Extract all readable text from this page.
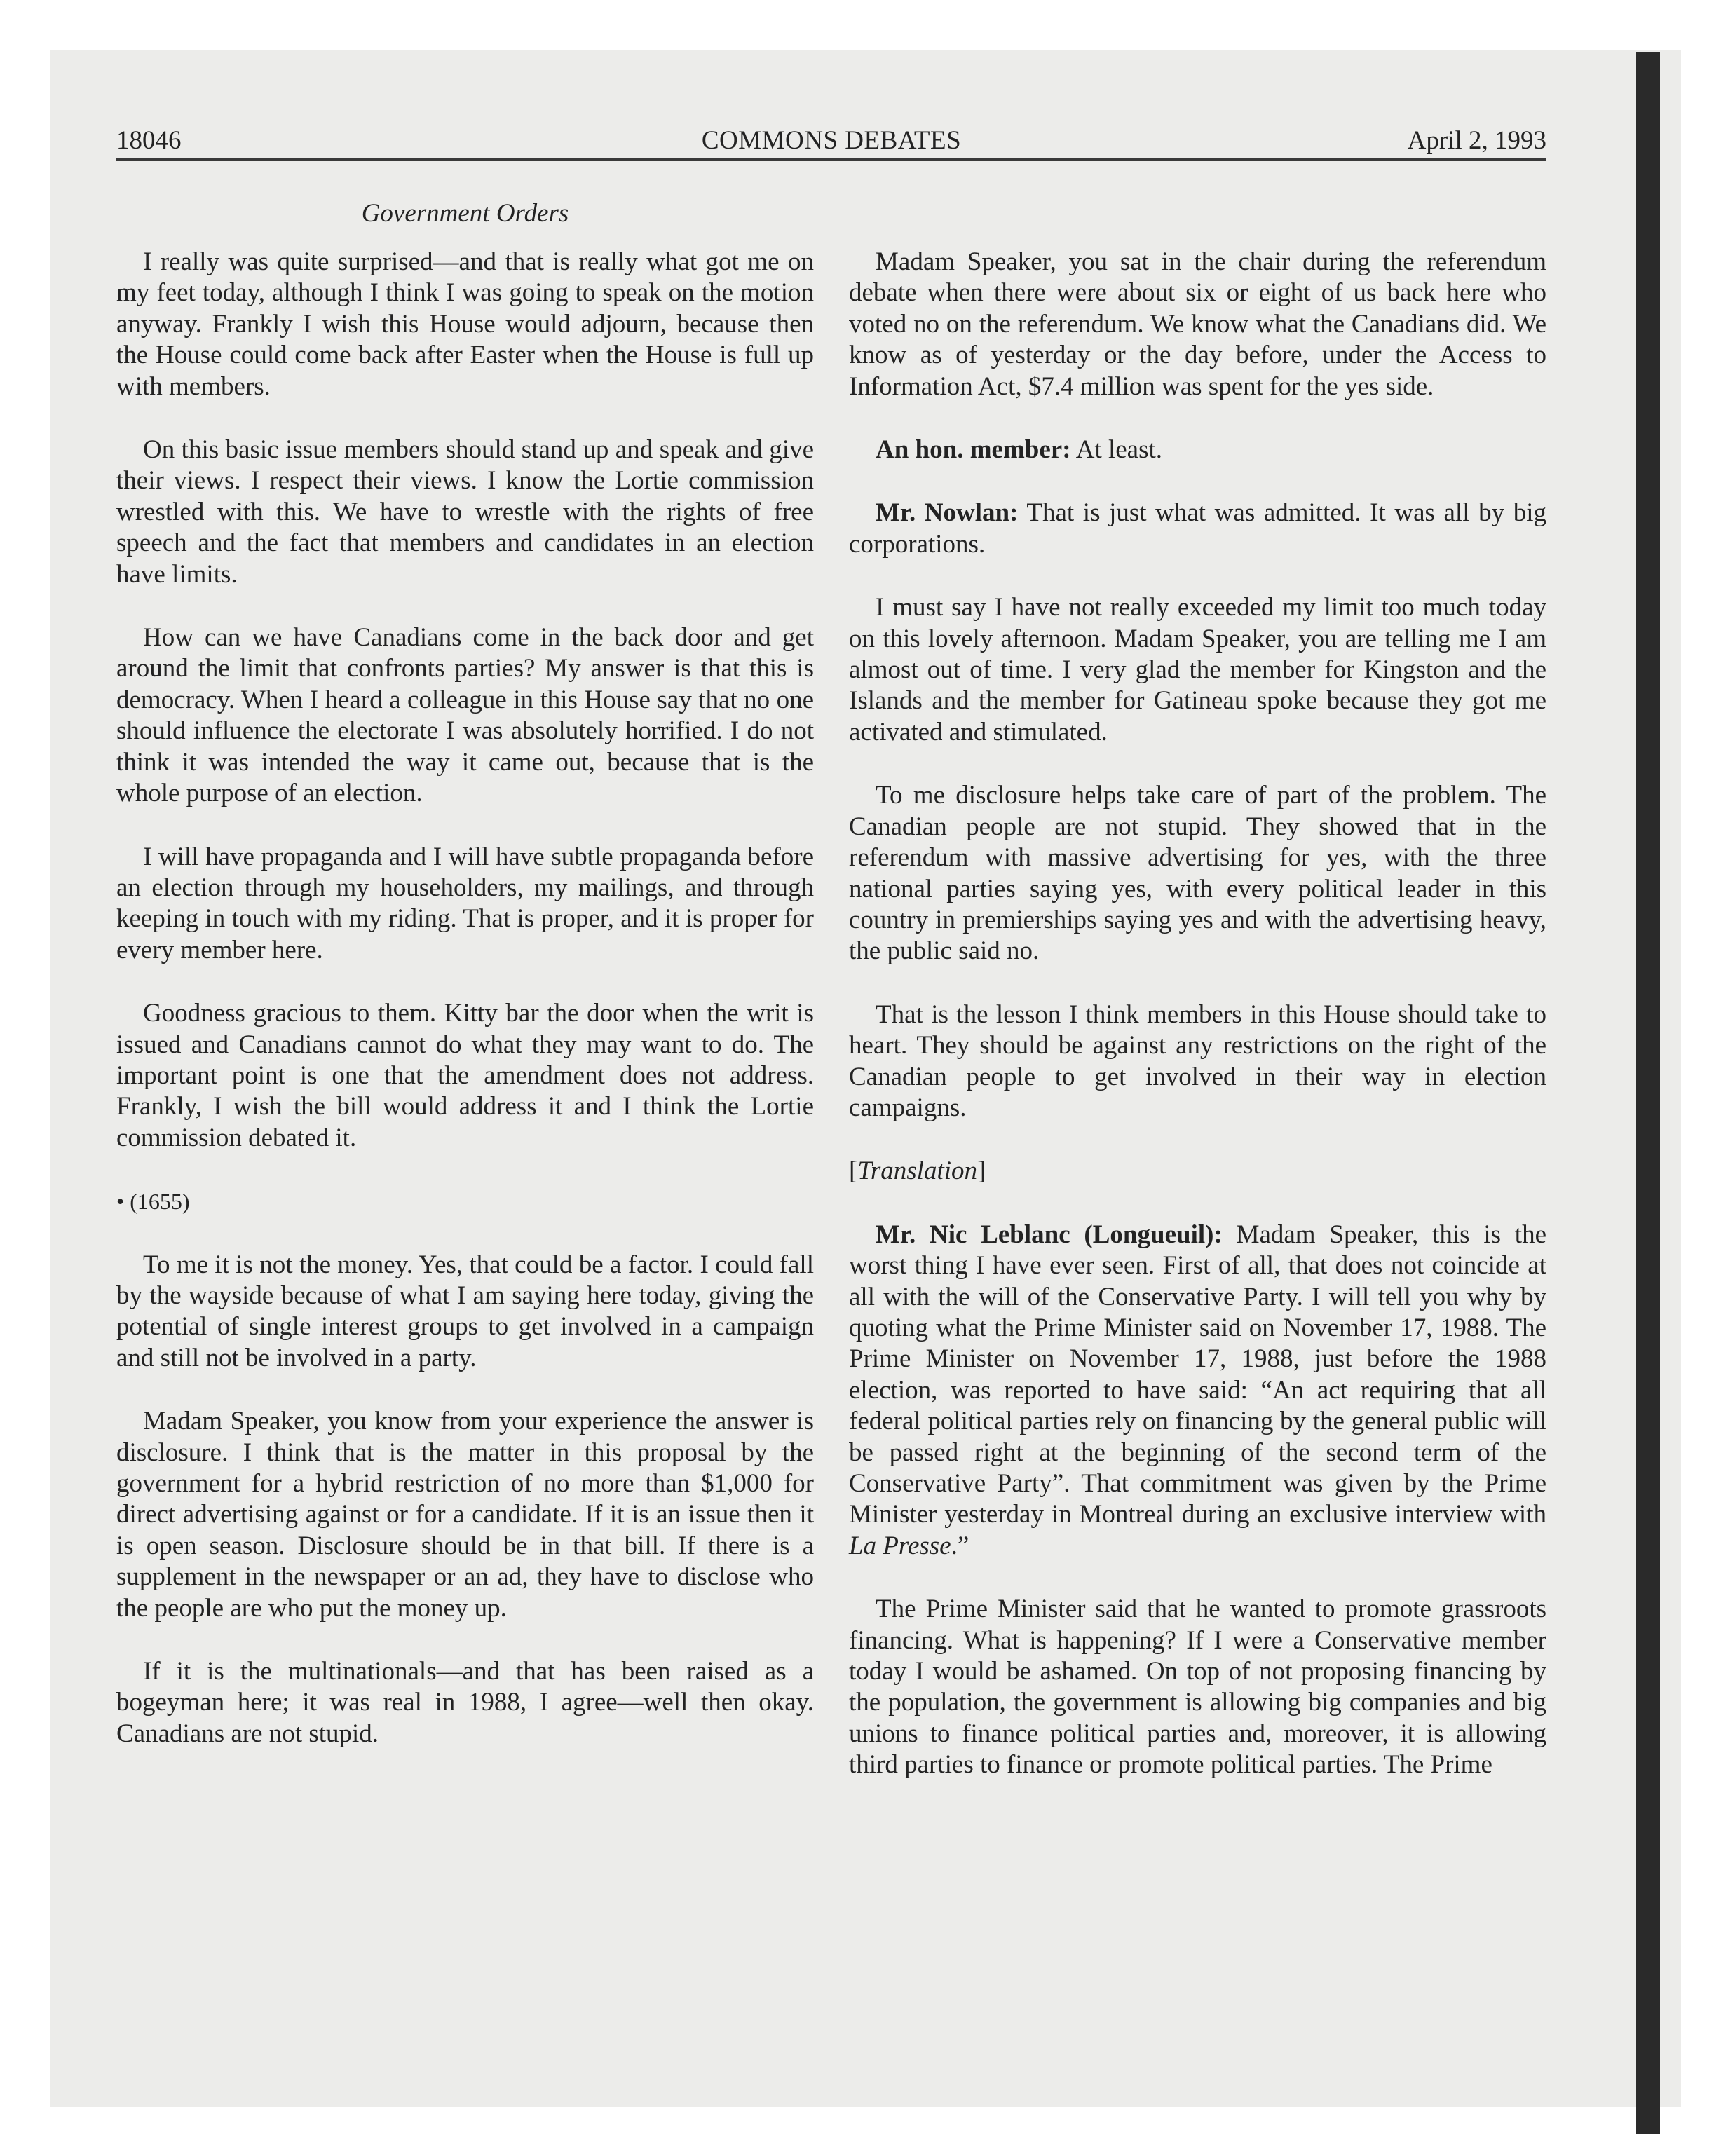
18046	COMMONS DEBATES	April 2, 1993
Government Orders

I really was quite surprised—and that is really what got me on my feet today, although I think I was going to speak on the motion anyway. Frankly I wish this House would adjourn, because then the House could come back after Easter when the House is full up with members.

On this basic issue members should stand up and speak and give their views. I respect their views. I know the Lortie commission wrestled with this. We have to wrestle with the rights of free speech and the fact that members and candidates in an election have limits.

How can we have Canadians come in the back door and get around the limit that confronts parties? My answer is that this is democracy. When I heard a colleague in this House say that no one should influence the electorate I was absolutely horrified. I do not think it was intended the way it came out, because that is the whole purpose of an election.

I will have propaganda and I will have subtle propaganda before an election through my householders, my mailings, and through keeping in touch with my riding. That is proper, and it is proper for every member here.

Goodness gracious to them. Kitty bar the door when the writ is issued and Canadians cannot do what they may want to do. The important point is one that the amendment does not address. Frankly, I wish the bill would address it and I think the Lortie commission debated it.

• (1655)

To me it is not the money. Yes, that could be a factor. I could fall by the wayside because of what I am saying here today, giving the potential of single interest groups to get involved in a campaign and still not be involved in a party.

Madam Speaker, you know from your experience the answer is disclosure. I think that is the matter in this proposal by the government for a hybrid restriction of no more than $1,000 for direct advertising against or for a candidate. If it is an issue then it is open season. Disclosure should be in that bill. If there is a supplement in the newspaper or an ad, they have to disclose who the people are who put the money up.

If it is the multinationals—and that has been raised as a bogeyman here; it was real in 1988, I agree—well then okay. Canadians are not stupid.

Madam Speaker, you sat in the chair during the referendum debate when there were about six or eight of us back here who voted no on the referendum. We know what the Canadians did. We know as of yesterday or the day before, under the Access to Information Act, $7.4 million was spent for the yes side.

An hon. member: At least.

Mr. Nowlan: That is just what was admitted. It was all by big corporations.

I must say I have not really exceeded my limit too much today on this lovely afternoon. Madam Speaker, you are telling me I am almost out of time. I very glad the member for Kingston and the Islands and the member for Gatineau spoke because they got me activated and stimulated.

To me disclosure helps take care of part of the problem. The Canadian people are not stupid. They showed that in the referendum with massive advertising for yes, with the three national parties saying yes, with every political leader in this country in premierships saying yes and with the advertising heavy, the public said no.

That is the lesson I think members in this House should take to heart. They should be against any restrictions on the right of the Canadian people to get involved in their way in election campaigns.

[Translation]

Mr. Nic Leblanc (Longueuil): Madam Speaker, this is the worst thing I have ever seen. First of all, that does not coincide at all with the will of the Conservative Party. I will tell you why by quoting what the Prime Minister said on November 17, 1988. The Prime Minister on November 17, 1988, just before the 1988 election, was reported to have said: “An act requiring that all federal political parties rely on financing by the general public will be passed right at the beginning of the second term of the Conservative Party”. That commitment was given by the Prime Minister yesterday in Montreal during an exclusive interview with La Presse.”

The Prime Minister said that he wanted to promote grassroots financing. What is happening? If I were a Conservative member today I would be ashamed. On top of not proposing financing by the population, the government is allowing big companies and big unions to finance political parties and, moreover, it is allowing third parties to finance or promote political parties. The Prime
